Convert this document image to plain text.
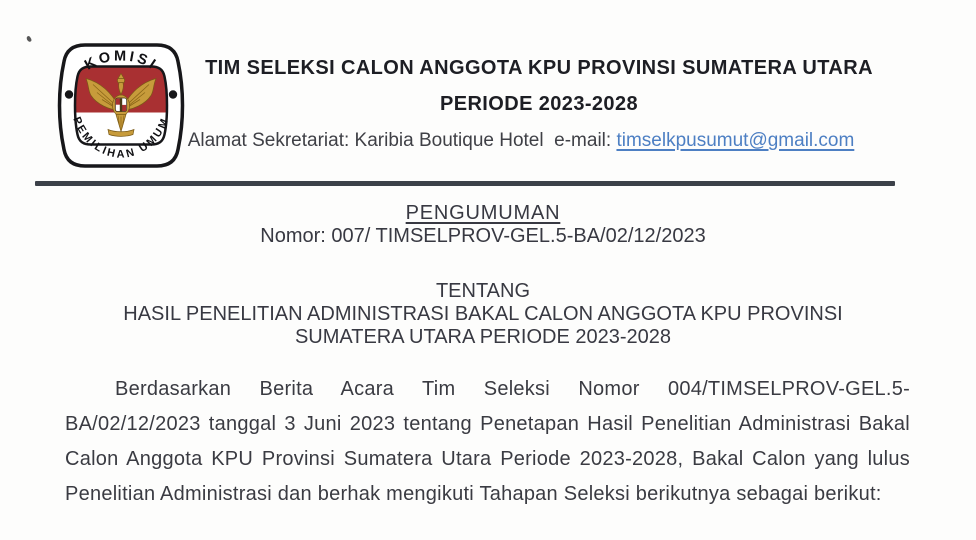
KOMISI
PEMILIHAN UMUM
TIM SELEKSI CALON ANGGOTA KPU PROVINSI SUMATERA UTARA
PERIODE 2023-2028
Alamat Sekretariat: Karibia Boutique Hotel  e-mail: timselkpusumut@gmail.com
PENGUMUMAN
Nomor: 007/ TIMSELPROV-GEL.5-BA/02/12/2023
TENTANG
HASIL PENELITIAN ADMINISTRASI BAKAL CALON ANGGOTA KPU PROVINSI
SUMATERA UTARA PERIODE 2023-2028
Berdasarkan Berita Acara Tim Seleksi Nomor 004/TIMSELPROV-GEL.5-
BA/02/12/2023 tanggal 3 Juni 2023 tentang Penetapan Hasil Penelitian Administrasi Bakal
Calon Anggota KPU Provinsi Sumatera Utara Periode 2023-2028, Bakal Calon yang lulus
Penelitian Administrasi dan berhak mengikuti Tahapan Seleksi berikutnya sebagai berikut:
